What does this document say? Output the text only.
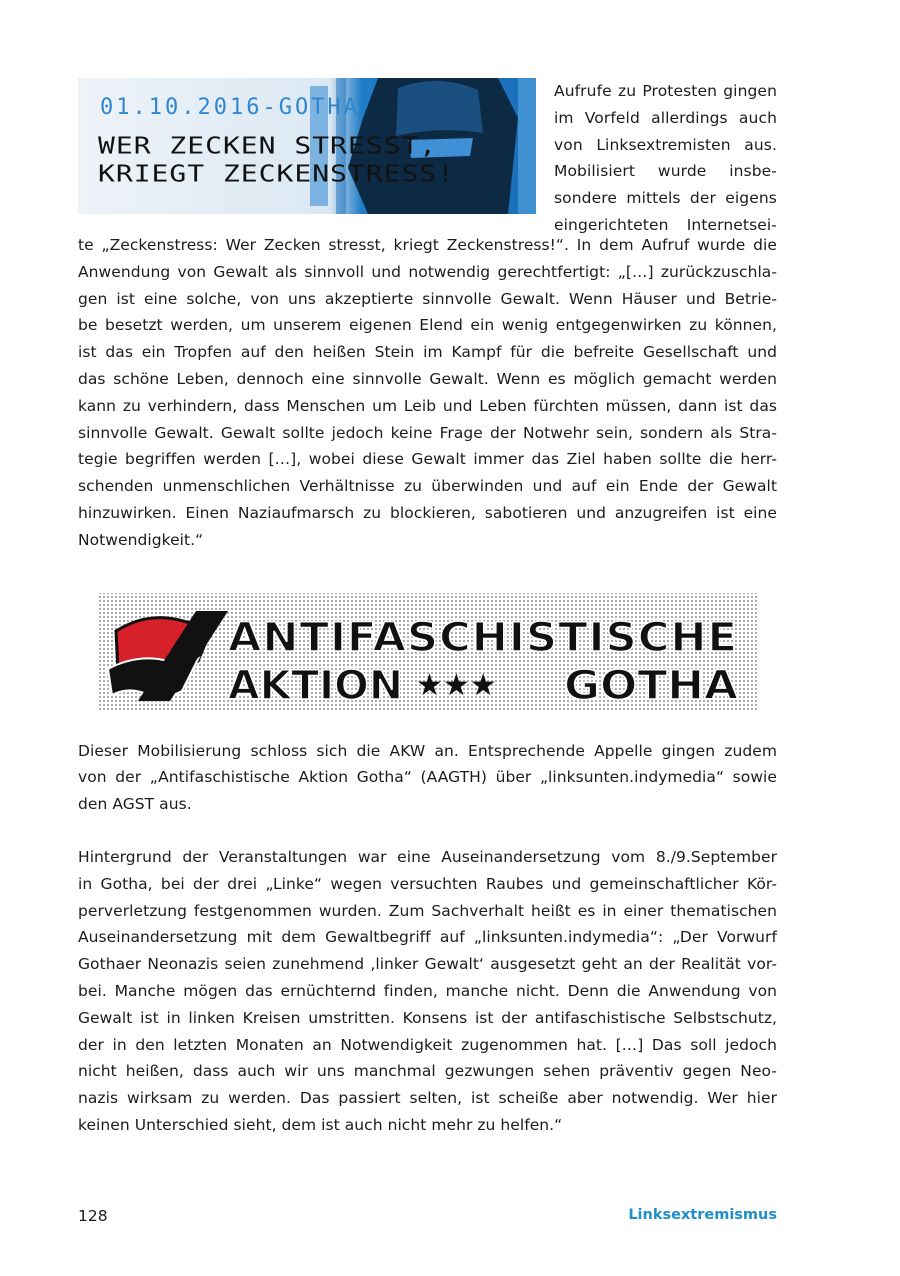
01.10.2016-GOTHA
WER ZECKEN STRESST,
KRIEGT ZECKENSTRESS!
Aufrufe zu Protesten gingen
im Vorfeld allerdings auch
von Linksextremisten aus.
Mobilisiert wurde insbe-
sondere mittels der eigens
eingerichteten Internetsei-

te „Zeckenstress: Wer Zecken stresst, kriegt Zeckenstress!“. In dem Aufruf wurde die
Anwendung von Gewalt als sinnvoll und notwendig gerechtfertigt: „[…] zurückzuschla-
gen ist eine solche, von uns akzeptierte sinnvolle Gewalt. Wenn Häuser und Betrie-
be besetzt werden, um unserem eigenen Elend ein wenig entgegenwirken zu können,
ist das ein Tropfen auf den heißen Stein im Kampf für die befreite Gesellschaft und
das schöne Leben, dennoch eine sinnvolle Gewalt. Wenn es möglich gemacht werden
kann zu verhindern, dass Menschen um Leib und Leben fürchten müssen, dann ist das
sinnvolle Gewalt. Gewalt sollte jedoch keine Frage der Notwehr sein, sondern als Stra-
tegie begriffen werden […], wobei diese Gewalt immer das Ziel haben sollte die herr-
schenden unmenschlichen Verhältnisse zu überwinden und auf ein Ende der Gewalt
hinzuwirken. Einen Naziaufmarsch zu blockieren, sabotieren und anzugreifen ist eine
Notwendigkeit.“

ANTIFASCHISTISCHE
AKTION ★★★ GOTHA

Dieser Mobilisierung schloss sich die AKW an. Entsprechende Appelle gingen zudem
von der „Antifaschistische Aktion Gotha“ (AAGTH) über „linksunten.indymedia“ sowie
den AGST aus.

Hintergrund der Veranstaltungen war eine Auseinandersetzung vom 8./9.September
in Gotha, bei der drei „Linke“ wegen versuchten Raubes und gemeinschaftlicher Kör-
perverletzung festgenommen wurden. Zum Sachverhalt heißt es in einer thematischen
Auseinandersetzung mit dem Gewaltbegriff auf „linksunten.indymedia“: „Der Vorwurf
Gothaer Neonazis seien zunehmend ‚linker Gewalt‘ ausgesetzt geht an der Realität vor-
bei. Manche mögen das ernüchternd finden, manche nicht. Denn die Anwendung von
Gewalt ist in linken Kreisen umstritten. Konsens ist der antifaschistische Selbstschutz,
der in den letzten Monaten an Notwendigkeit zugenommen hat. […] Das soll jedoch
nicht heißen, dass auch wir uns manchmal gezwungen sehen präventiv gegen Neo-
nazis wirksam zu werden. Das passiert selten, ist scheiße aber notwendig. Wer hier
keinen Unterschied sieht, dem ist auch nicht mehr zu helfen.“

128	Linksextremismus
